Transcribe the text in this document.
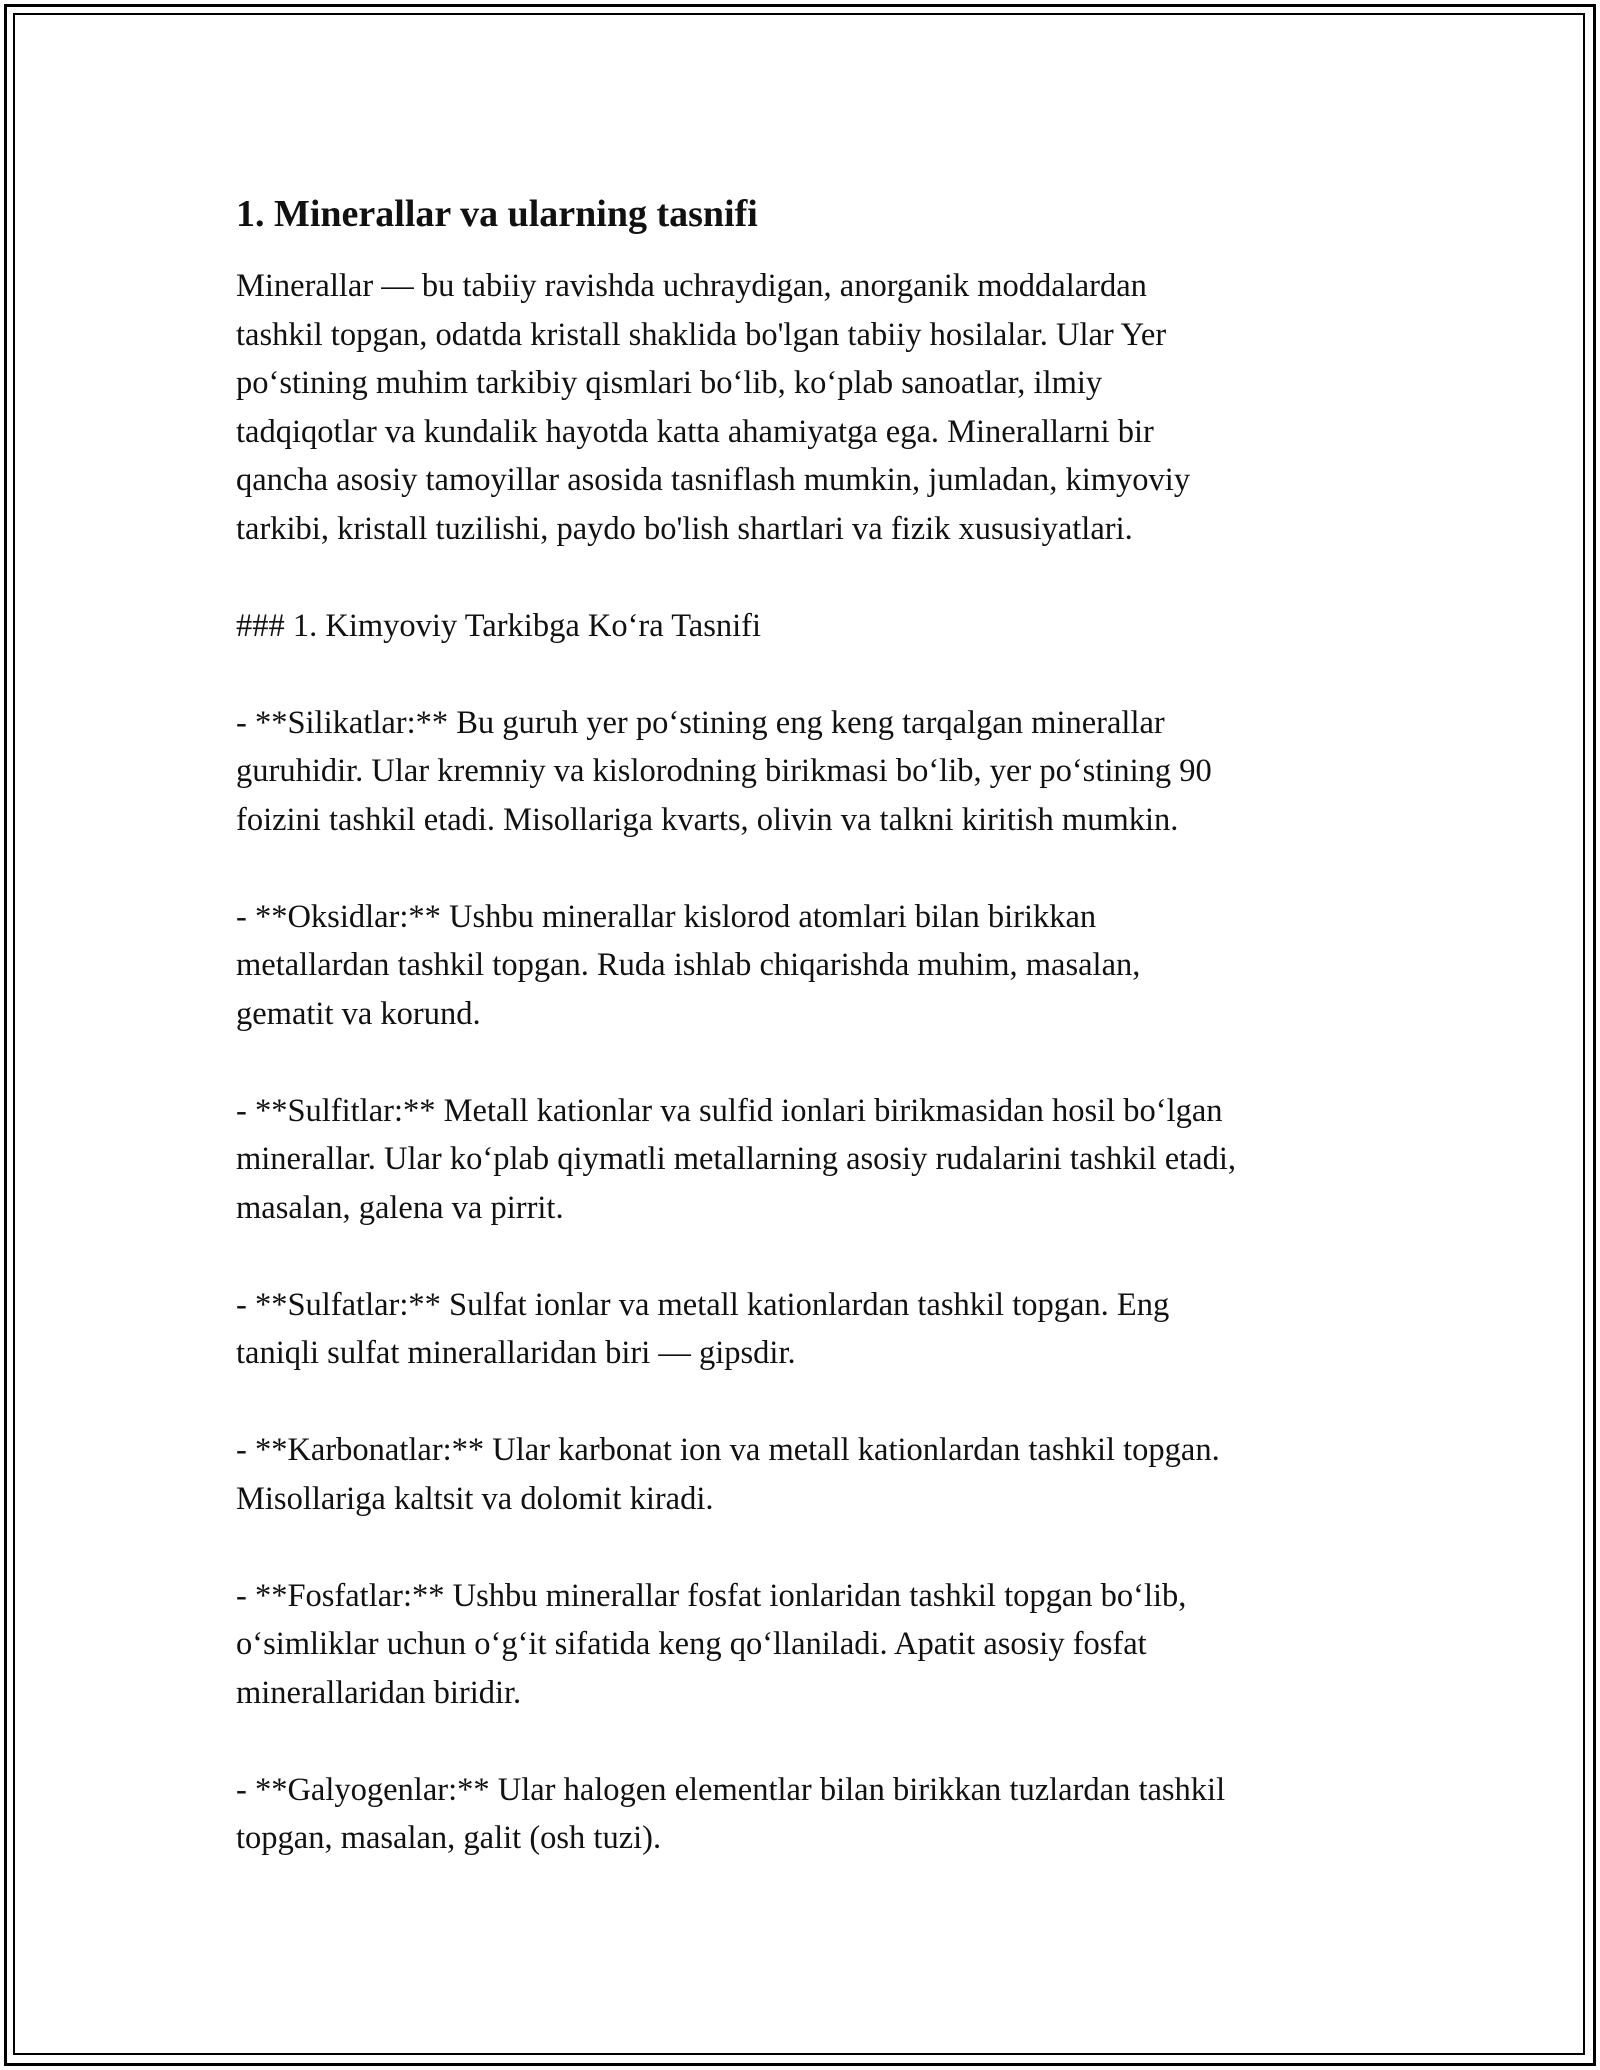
1. Minerallar va ularning tasnifi

Minerallar — bu tabiiy ravishda uchraydigan, anorganik moddalardan
tashkil topgan, odatda kristall shaklida bo'lgan tabiiy hosilalar. Ular Yer
po‘stining muhim tarkibiy qismlari bo‘lib, ko‘plab sanoatlar, ilmiy
tadqiqotlar va kundalik hayotda katta ahamiyatga ega. Minerallarni bir
qancha asosiy tamoyillar asosida tasniflash mumkin, jumladan, kimyoviy
tarkibi, kristall tuzilishi, paydo bo'lish shartlari va fizik xususiyatlari.

### 1. Kimyoviy Tarkibga Ko‘ra Tasnifi

- **Silikatlar:** Bu guruh yer po‘stining eng keng tarqalgan minerallar
guruhidir. Ular kremniy va kislorodning birikmasi bo‘lib, yer po‘stining 90
foizini tashkil etadi. Misollariga kvarts, olivin va talkni kiritish mumkin.

- **Oksidlar:** Ushbu minerallar kislorod atomlari bilan birikkan
metallardan tashkil topgan. Ruda ishlab chiqarishda muhim, masalan,
gematit va korund.

- **Sulfitlar:** Metall kationlar va sulfid ionlari birikmasidan hosil bo‘lgan
minerallar. Ular ko‘plab qiymatli metallarning asosiy rudalarini tashkil etadi,
masalan, galena va pirrit.

- **Sulfatlar:** Sulfat ionlar va metall kationlardan tashkil topgan. Eng
taniqli sulfat minerallaridan biri — gipsdir.

- **Karbonatlar:** Ular karbonat ion va metall kationlardan tashkil topgan.
Misollariga kaltsit va dolomit kiradi.

- **Fosfatlar:** Ushbu minerallar fosfat ionlaridan tashkil topgan bo‘lib,
o‘simliklar uchun o‘g‘it sifatida keng qo‘llaniladi. Apatit asosiy fosfat
minerallaridan biridir.

- **Galyogenlar:** Ular halogen elementlar bilan birikkan tuzlardan tashkil
topgan, masalan, galit (osh tuzi).
